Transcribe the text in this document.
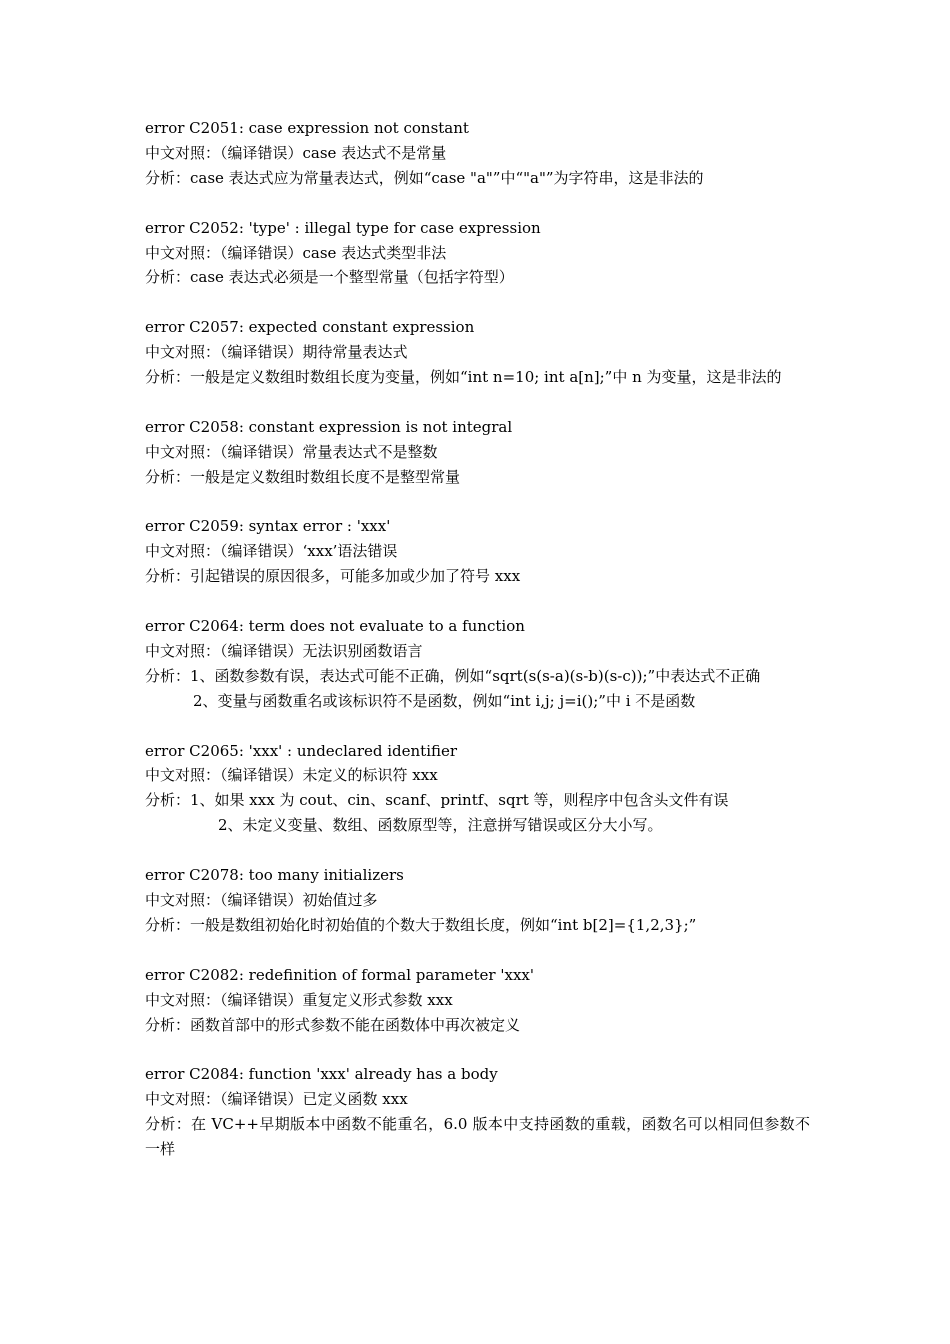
error C2051: case expression not constant
中文对照：（编译错误）case 表达式不是常量
分析：case 表达式应为常量表达式，例如“case "a"”中“"a"”为字符串，这是非法的
error C2052: 'type' : illegal type for case expression
中文对照：（编译错误）case 表达式类型非法
分析：case 表达式必须是一个整型常量（包括字符型）
error C2057: expected constant expression
中文对照：（编译错误）期待常量表达式
分析：一般是定义数组时数组长度为变量，例如“int n=10; int a[n];”中 n 为变量，这是非法的
error C2058: constant expression is not integral
中文对照：（编译错误）常量表达式不是整数
分析：一般是定义数组时数组长度不是整型常量
error C2059: syntax error : 'xxx'
中文对照：（编译错误）‘xxx’语法错误
分析：引起错误的原因很多，可能多加或少加了符号 xxx
error C2064: term does not evaluate to a function
中文对照：（编译错误）无法识别函数语言
分析：1、函数参数有误，表达式可能不正确，例如“sqrt(s(s-a)(s-b)(s-c));”中表达式不正确
2、变量与函数重名或该标识符不是函数，例如“int i,j; j=i();”中 i 不是函数
error C2065: 'xxx' : undeclared identifier
中文对照：（编译错误）未定义的标识符 xxx
分析：1、如果 xxx 为 cout、cin、scanf、printf、sqrt 等，则程序中包含头文件有误
2、未定义变量、数组、函数原型等，注意拼写错误或区分大小写。
error C2078: too many initializers
中文对照：（编译错误）初始值过多
分析：一般是数组初始化时初始值的个数大于数组长度，例如“int b[2]={1,2,3};”
error C2082: redefinition of formal parameter 'xxx'
中文对照：（编译错误）重复定义形式参数 xxx
分析：函数首部中的形式参数不能在函数体中再次被定义
error C2084: function 'xxx' already has a body
中文对照：（编译错误）已定义函数 xxx
分析：在 VC++早期版本中函数不能重名，6.0 版本中支持函数的重载，函数名可以相同但参数不一样
